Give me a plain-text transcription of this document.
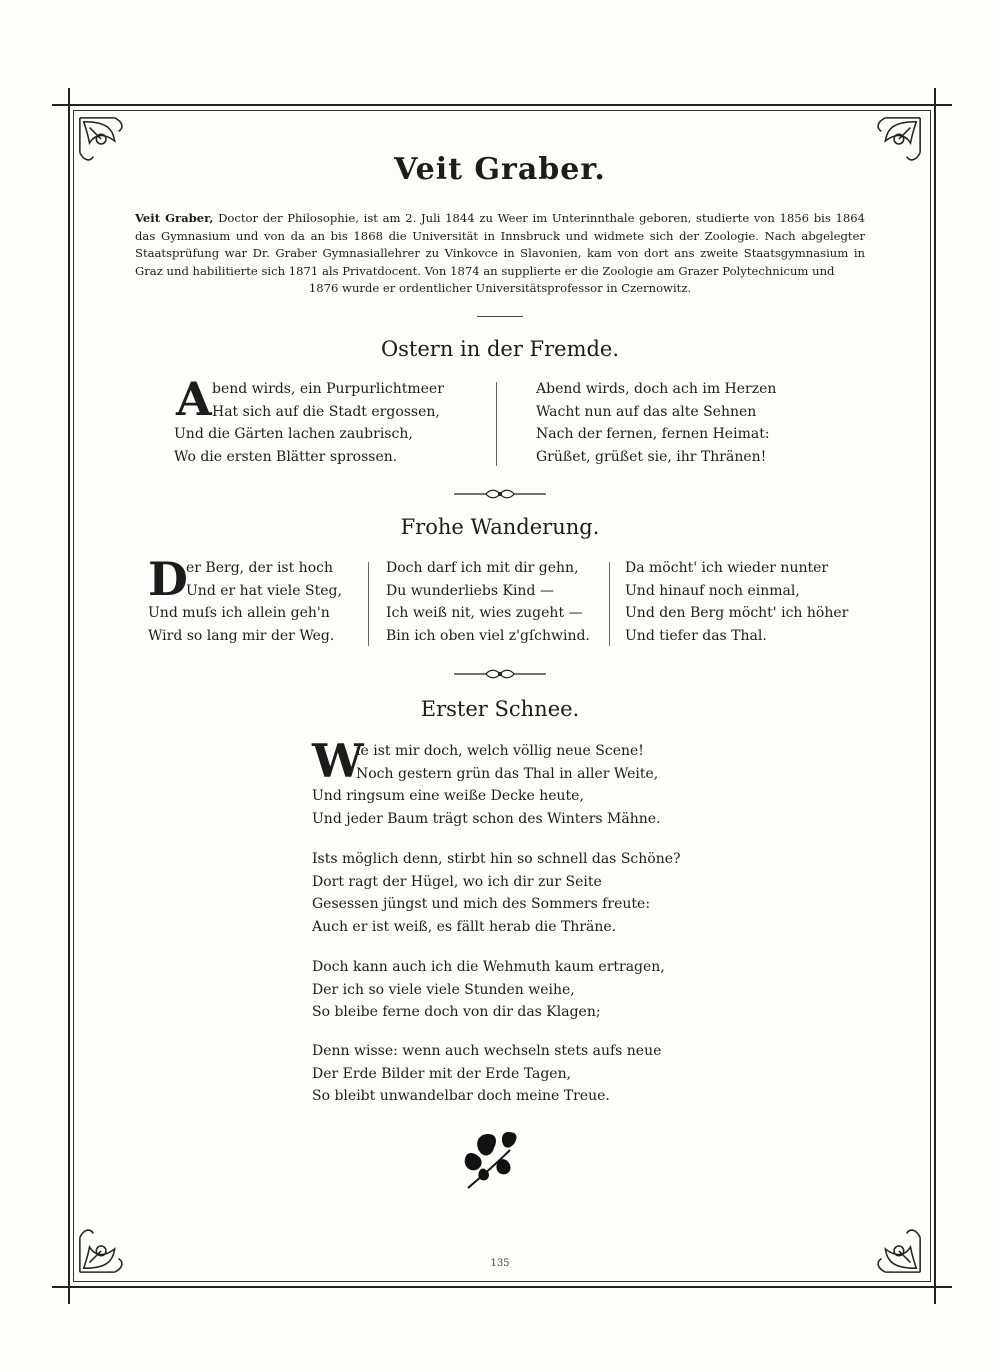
Veit Graber.
Veit Graber, Doctor der Philosophie, ist am 2. Juli 1844 zu Weer im Unterinnthale geboren, studierte von 1856 bis 1864 das Gymnasium und von da an bis 1868 die Universität in Innsbruck und widmete sich der Zoologie. Nach abgelegter Staatsprüfung war Dr. Graber Gymnasiallehrer zu Vinkovce in Slavonien, kam von dort ans zweite Staatsgymnasium in Graz und habilitierte sich 1871 als Privatdocent. Von 1874 an supplierte er die Zoologie am Grazer Polytechnicum und
1876 wurde er ordentlicher Universitätsprofessor in Czernowitz.
Ostern in der Fremde.
A bend wirds, ein Purpurlichtmeer
Hat sich auf die Stadt ergossen,
Und die Gärten lachen zaubrisch,
Wo die ersten Blätter sprossen.
Abend wirds, doch ach im Herzen
Wacht nun auf das alte Sehnen
Nach der fernen, fernen Heimat:
Grüßet, grüßet sie, ihr Thränen!
Frohe Wanderung.
D
er Berg, der ist hoch
Und er hat viele Steg,
Und muſs ich allein geh'n
Wird so lang mir der Weg.
Doch darf ich mit dir gehn,
Du wunderliebs Kind —
Ich weiß nit, wies zugeht —
Bin ich oben viel z'gſchwind.
Da möcht' ich wieder nunter
Und hinauf noch einmal,
Und den Berg möcht' ich höher
Und tiefer das Thal.
Erster Schnee.
W
ie ist mir doch, welch völlig neue Scene!
Noch gestern grün das Thal in aller Weite,
Und ringsum eine weiße Decke heute,
Und jeder Baum trägt schon des Winters Mähne.
Ists möglich denn, stirbt hin so schnell das Schöne?
Dort ragt der Hügel, wo ich dir zur Seite
Gesessen jüngst und mich des Sommers freute:
Auch er ist weiß, es fällt herab die Thräne.
Doch kann auch ich die Wehmuth kaum ertragen,
Der ich so viele viele Stunden weihe,
So bleibe ferne doch von dir das Klagen;
Denn wisse: wenn auch wechseln stets aufs neue
Der Erde Bilder mit der Erde Tagen,
So bleibt unwandelbar doch meine Treue.
135
